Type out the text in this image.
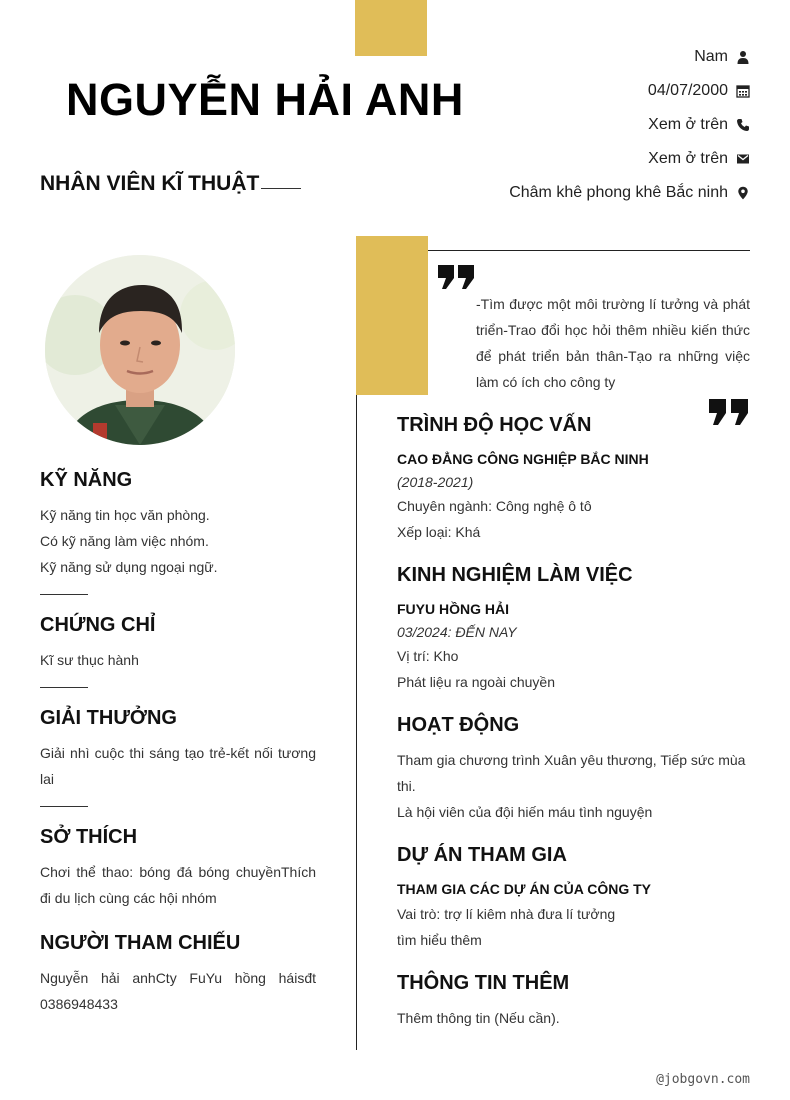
NGUYỄN HẢI ANH
NHÂN VIÊN KĨ THUẬT
Nam
04/07/2000
Xem ở trên
Xem ở trên
Châm khê phong khê Bắc ninh

-Tìm được một môi trường lí tưởng và phát triển-Trao đổi học hỏi thêm nhiều kiến thức để phát triển bản thân-Tạo ra những việc làm có ích cho công ty

KỸ NĂNG
Kỹ năng tin học văn phòng.
Có kỹ năng làm việc nhóm.
Kỹ năng sử dụng ngoại ngữ.
CHỨNG CHỈ
Kĩ sư thục hành
GIẢI THƯỞNG
Giải nhì cuộc thi sáng tạo trẻ-kết nối tương lai
SỞ THÍCH
Chơi thể thao: bóng đá bóng chuyềnThích đi du lịch cùng các hội nhóm
NGƯỜI THAM CHIẾU
Nguyễn hải anhCty FuYu hồng háisđt 0386948433
TRÌNH ĐỘ HỌC VẤN
CAO ĐẲNG CÔNG NGHIỆP BẮC NINH
(2018-2021)
Chuyên ngành: Công nghệ ô tô
Xếp loại: Khá
KINH NGHIỆM LÀM VIỆC
FUYU HỒNG HẢI
03/2024: ĐẾN NAY
Vị trí: Kho
Phát liệu ra ngoài chuyền
HOẠT ĐỘNG
Tham gia chương trình Xuân yêu thương, Tiếp sức mùa thi.
Là hội viên của đội hiến máu tình nguyện
DỰ ÁN THAM GIA
THAM GIA CÁC DỰ ÁN CỦA CÔNG TY
Vai trò: trợ lí kiêm nhà đưa lí tưởng
tìm hiểu thêm
THÔNG TIN THÊM
Thêm thông tin (Nếu cần).
@jobgovn.com
